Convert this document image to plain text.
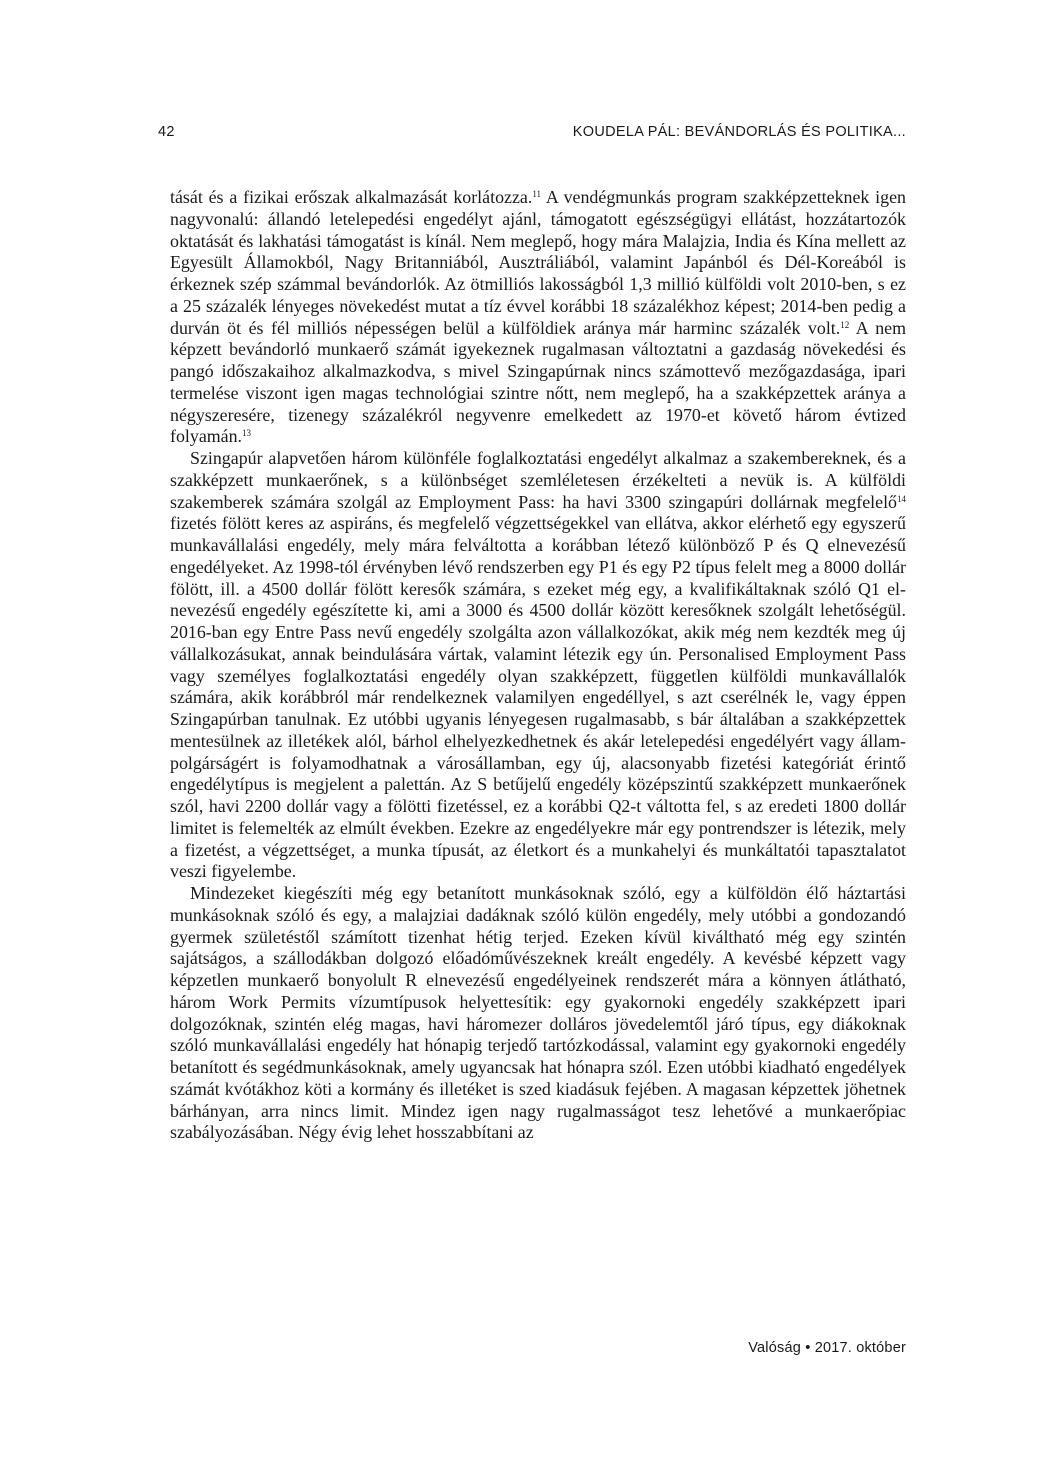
42	KOUDELA PÁL: BEVÁNDORLÁS ÉS POLITIKA...

tását és a fizikai erőszak alkalmazását korlátozza.$^{11}$ A vendégmunkás program szakképzetteknek igen nagyvonalú: állandó letelepedési engedélyt ajánl, támogatott egészségügyi ellátást, hozzátartozók oktatását és lakhatási támogatást is kínál. Nem meglepő, hogy mára Malajzia, India és Kína mellett az Egyesült Államokból, Nagy Britanniából, Ausztráliából, valamint Japánból és Dél-Koreából is érkeznek szép számmal bevándorlók. Az ötmilliós lakosságból 1,3 millió külföldi volt 2010-ben, s ez a 25 százalék lényeges növekedést mutat a tíz évvel korábbi 18 százalékhoz képest; 2014-ben pedig a durván öt és fél milliós népességen belül a külföldiek aránya már harminc százalék volt.$^{12}$ A nem képzett bevándorló munkaerő számát igyekeznek rugalmasan változtatni a gazdaság növekedési és pangó időszakaihoz alkalmazkodva, s mivel Szingapúrnak nincs számottevő mezőgazdasága, ipari termelése viszont igen magas technológiai szintre nőtt, nem meglepő, ha a szakképzettek aránya a négyszeresére, tizenegy százalékról negyvenre emelkedett az 1970-et követő három évtized folyamán.$^{13}$

Szingapúr alapvetően három különféle foglalkoztatási engedélyt alkalmaz a szakembereknek, és a szakképzett munkaerőnek, s a különbséget szemléletesen érzékelteti a nevük is. A külföldi szakemberek számára szolgál az Employment Pass: ha havi 3300 szingapúri dollárnak megfelelő$^{14}$ fizetés fölött keres az aspiráns, és megfelelő végzettségekkel van ellátva, akkor elérhető egy egyszerű munkavállalási engedély, mely mára felváltotta a korábban létező különböző P és Q elnevezésű engedélyeket. Az 1998-tól érvényben lévő rendszerben egy P1 és egy P2 típus felelt meg a 8000 dollár fölött, ill. a 4500 dollár fölött keresők számára, s ezeket még egy, a kvalifikáltaknak szóló Q1 elnevezésű engedély egészítette ki, ami a 3000 és 4500 dollár között keresőknek szolgált lehetőségül. 2016-ban egy Entre Pass nevű engedély szolgálta azon vállalkozókat, akik még nem kezdték meg új vállalkozásukat, annak beindulására vártak, valamint létezik egy ún. Personalised Employment Pass vagy személyes foglalkoztatási engedély olyan szakképzett, független külföldi munkavállalók számára, akik korábbról már rendelkeznek valamilyen engedéllyel, s azt cserélnék le, vagy éppen Szingapúrban tanulnak. Ez utóbbi ugyanis lényegesen rugalmasabb, s bár általában a szakképzettek mentesülnek az illetékek alól, bárhol elhelyezkedhetnek és akár letelepedési engedélyért vagy állampolgárságért is folyamodhatnak a városállamban, egy új, alacsonyabb fizetési kategóriát érintő engedélytípus is megjelent a palettán. Az S betűjelű engedély középszintű szakképzett munkaerőnek szól, havi 2200 dollár vagy a fölötti fizetéssel, ez a korábbi Q2-t váltotta fel, s az eredeti 1800 dollár limitet is felemelték az elmúlt években. Ezekre az engedélyekre már egy pontrendszer is létezik, mely a fizetést, a végzettséget, a munka típusát, az életkort és a munkahelyi és munkáltatói tapasztalatot veszi figyelembe.

Mindezeket kiegészíti még egy betanított munkásoknak szóló, egy a külföldön élő háztartási munkásoknak szóló és egy, a malajziai dadáknak szóló külön engedély, mely utóbbi a gondozandó gyermek születéstől számított tizenhat hétig terjed. Ezeken kívül kiváltható még egy szintén sajátságos, a szállodákban dolgozó előadóművészeknek kreált engedély. A kevésbé képzett vagy képzetlen munkaerő bonyolult R elnevezésű engedélyeinek rendszerét mára a könnyen átlátható, három Work Permits vízumtípusok helyettesítik: egy gyakornoki engedély szakképzett ipari dolgozóknak, szintén elég magas, havi háromezer dolláros jövedelemtől járó típus, egy diákoknak szóló munkavállalási engedély hat hónapig terjedő tartózkodással, valamint egy gyakornoki engedély betanított és segédmunkásoknak, amely ugyancsak hat hónapra szól. Ezen utóbbi kiadható engedélyek számát kvótákhoz köti a kormány és illetéket is szed kiadásuk fejében. A magasan képzettek jöhetnek bárhányan, arra nincs limit. Mindez igen nagy rugalmasságot tesz lehetővé a munkaerőpiac szabályozásában. Négy évig lehet hosszabbítani az

Valóság • 2017. október
